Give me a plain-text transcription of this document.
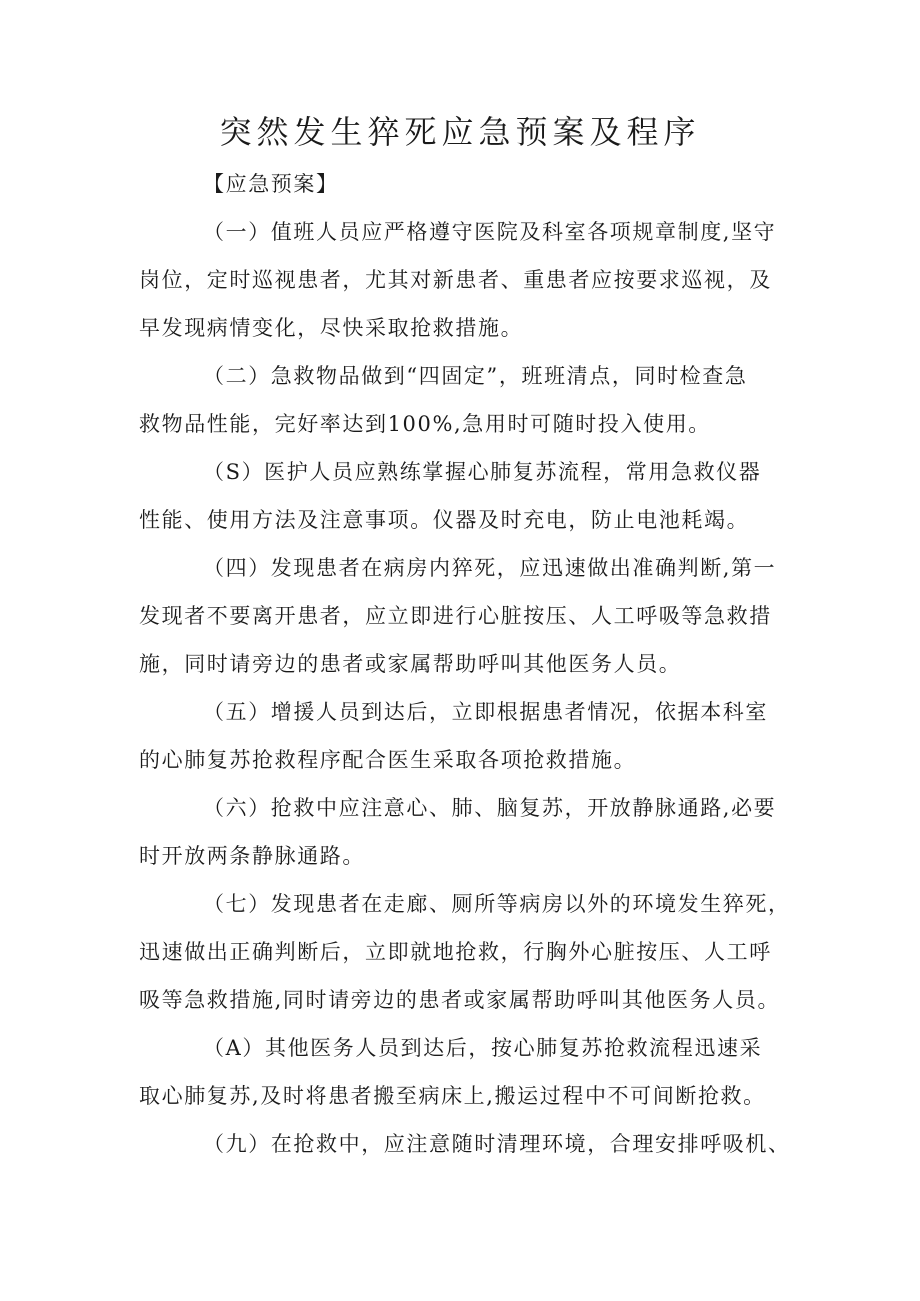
突然发生猝死应急预案及程序
【应急预案】
（一）值班人员应严格遵守医院及科室各项规章制度,坚守
岗位，定时巡视患者，尤其对新患者、重患者应按要求巡视，及
早发现病情变化，尽快采取抢救措施。
（二）急救物品做到“四固定”，班班清点，同时检查急
救物品性能，完好率达到100%,急用时可随时投入使用。
（S）医护人员应熟练掌握心肺复苏流程，常用急救仪器
性能、使用方法及注意事项。仪器及时充电，防止电池耗竭。
（四）发现患者在病房内猝死，应迅速做出准确判断,第一
发现者不要离开患者，应立即进行心脏按压、人工呼吸等急救措
施，同时请旁边的患者或家属帮助呼叫其他医务人员。
（五）增援人员到达后，立即根据患者情况，依据本科室
的心肺复苏抢救程序配合医生采取各项抢救措施。
（六）抢救中应注意心、肺、脑复苏，开放静脉通路,必要
时开放两条静脉通路。
（七）发现患者在走廊、厕所等病房以外的环境发生猝死，
迅速做出正确判断后，立即就地抢救，行胸外心脏按压、人工呼
吸等急救措施,同时请旁边的患者或家属帮助呼叫其他医务人员。
（A）其他医务人员到达后，按心肺复苏抢救流程迅速采
取心肺复苏,及时将患者搬至病床上,搬运过程中不可间断抢救。
（九）在抢救中，应注意随时清理环境，合理安排呼吸机、
